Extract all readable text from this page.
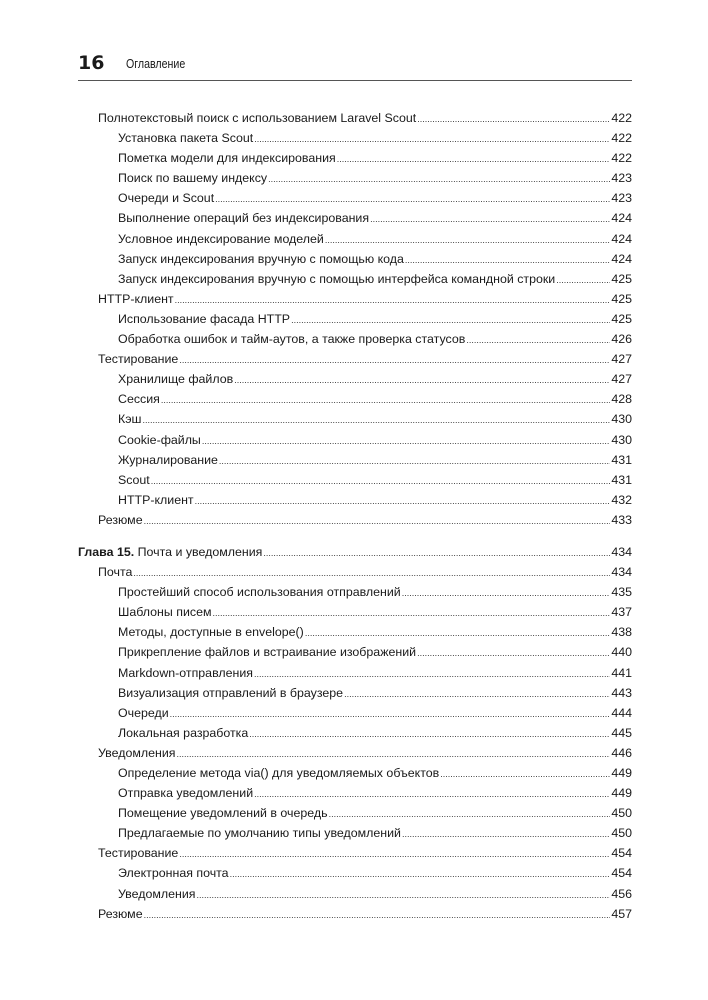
16 Оглавление
Полнотекстовый поиск с использованием Laravel Scout .....	422
Установка пакета Scout .....	422
Пометка модели для индексирования .....	422
Поиск по вашему индексу .....	423
Очереди и Scout .....	423
Выполнение операций без индексирования .....	424
Условное индексирование моделей .....	424
Запуск индексирования вручную с помощью кода .....	424
Запуск индексирования вручную с помощью интерфейса командной строки .....	425
HTTP-клиент .....	425
Использование фасада HTTP .....	425
Обработка ошибок и тайм-аутов, а также проверка статусов .....	426
Тестирование .....	427
Хранилище файлов .....	427
Сессия .....	428
Кэш .....	430
Cookie-файлы .....	430
Журналирование .....	431
Scout .....	431
HTTP-клиент .....	432
Резюме .....	433
Глава 15. Почта и уведомления .....	434
Почта .....	434
Простейший способ использования отправлений .....	435
Шаблоны писем .....	437
Методы, доступные в envelope() .....	438
Прикрепление файлов и встраивание изображений .....	440
Markdown-отправления .....	441
Визуализация отправлений в браузере .....	443
Очереди .....	444
Локальная разработка .....	445
Уведомления .....	446
Определение метода via() для уведомляемых объектов .....	449
Отправка уведомлений .....	449
Помещение уведомлений в очередь .....	450
Предлагаемые по умолчанию типы уведомлений .....	450
Тестирование .....	454
Электронная почта .....	454
Уведомления .....	456
Резюме .....	457
